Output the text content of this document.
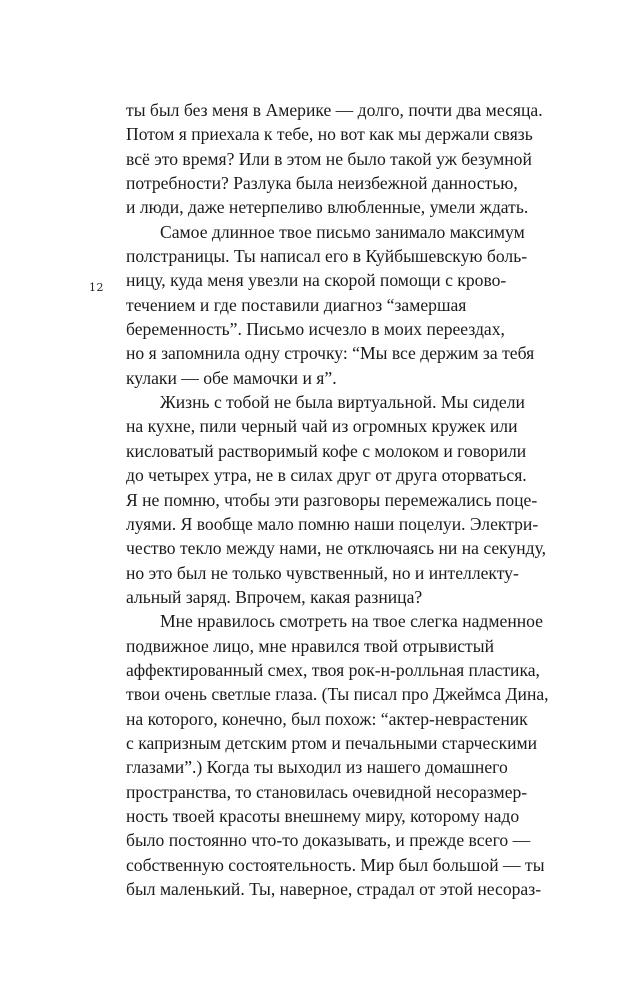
12
ты был без меня в Америке — долго, почти два месяца.
Потом я приехала к тебе, но вот как мы держали связь
всё это время? Или в этом не было такой уж безумной
потребности? Разлука была неизбежной данностью,
и люди, даже нетерпеливо влюбленные, умели ждать.
Самое длинное твое письмо занимало максимум
полстраницы. Ты написал его в Куйбышевскую боль-
ницу, куда меня увезли на скорой помощи с крово-
течением и где поставили диагноз “замершая
беременность”. Письмо исчезло в моих переездах,
но я запомнила одну строчку: “Мы все держим за тебя
кулаки — обе мамочки и я”.
Жизнь с тобой не была виртуальной. Мы сидели
на кухне, пили черный чай из огромных кружек или
кисловатый растворимый кофе с молоком и говорили
до четырех утра, не в силах друг от друга оторваться.
Я не помню, чтобы эти разговоры перемежались поце-
луями. Я вообще мало помню наши поцелуи. Электри-
чество текло между нами, не отключаясь ни на секунду,
но это был не только чувственный, но и интеллекту-
альный заряд. Впрочем, какая разница?
Мне нравилось смотреть на твое слегка надменное
подвижное лицо, мне нравился твой отрывистый
аффектированный смех, твоя рок-н-ролльная пластика,
твои очень светлые глаза. (Ты писал про Джеймса Дина,
на которого, конечно, был похож: “актер-неврастеник
с капризным детским ртом и печальными старческими
глазами”.) Когда ты выходил из нашего домашнего
пространства, то становилась очевидной несоразмер-
ность твоей красоты внешнему миру, которому надо
было постоянно что-то доказывать, и прежде всего —
собственную состоятельность. Мир был большой — ты
был маленький. Ты, наверное, страдал от этой несораз-
